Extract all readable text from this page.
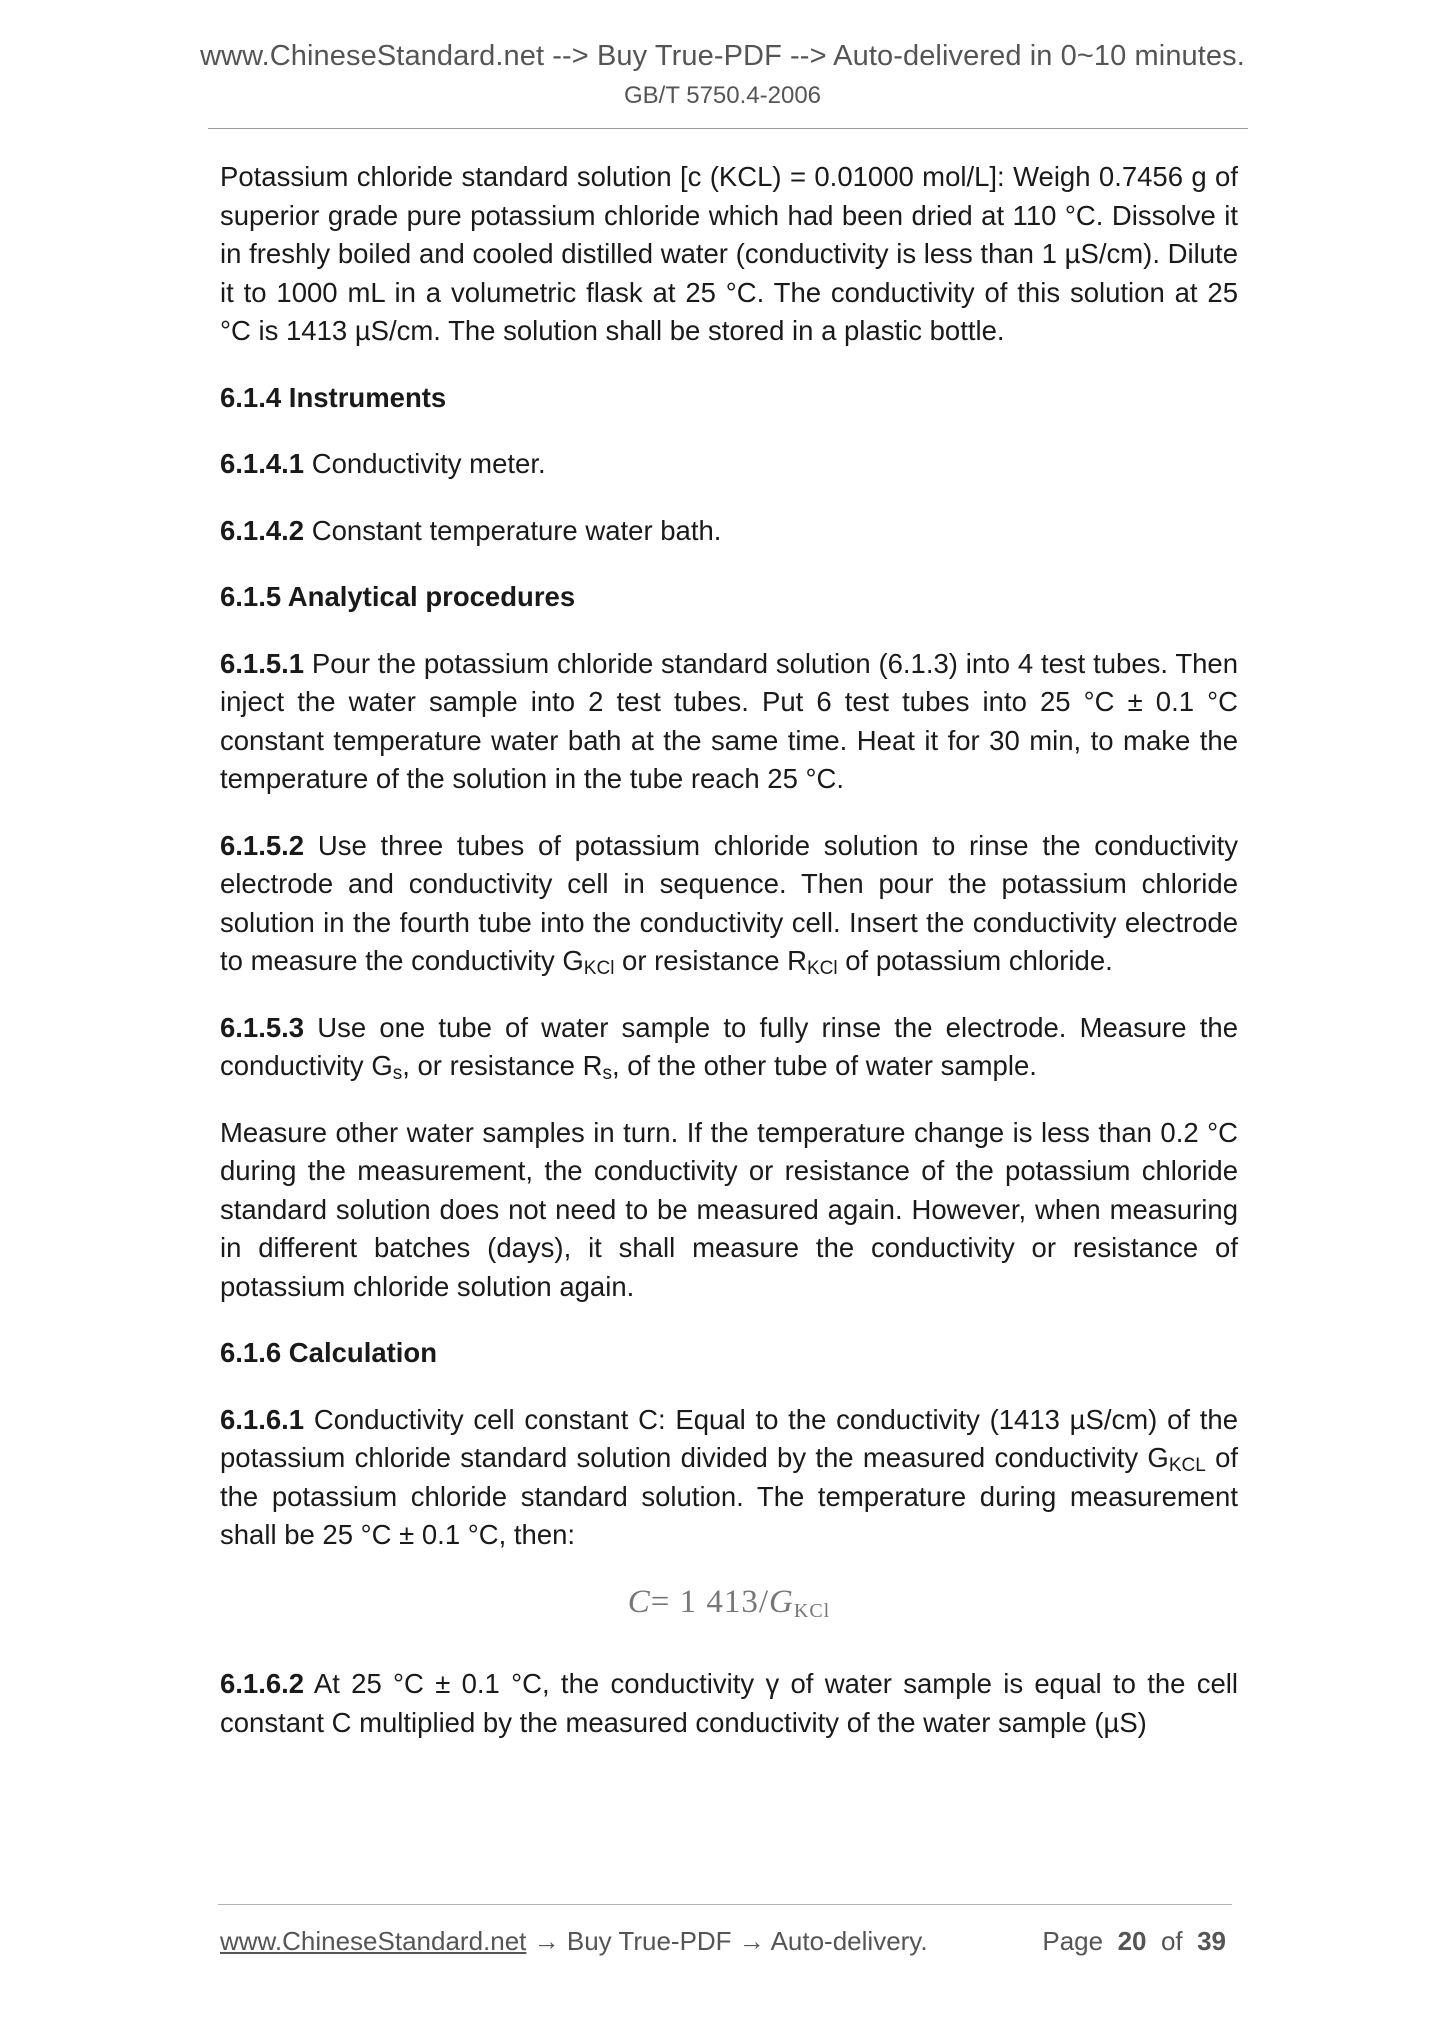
www.ChineseStandard.net --> Buy True-PDF --> Auto-delivered in 0~10 minutes.
GB/T 5750.4-2006

Potassium chloride standard solution [c (KCL) = 0.01000 mol/L]: Weigh 0.7456 g of superior grade pure potassium chloride which had been dried at 110 °C. Dissolve it in freshly boiled and cooled distilled water (conductivity is less than 1 µS/cm). Dilute it to 1000 mL in a volumetric flask at 25 °C. The conductivity of this solution at 25 °C is 1413 µS/cm. The solution shall be stored in a plastic bottle.

6.1.4 Instruments

6.1.4.1 Conductivity meter.

6.1.4.2 Constant temperature water bath.

6.1.5 Analytical procedures

6.1.5.1 Pour the potassium chloride standard solution (6.1.3) into 4 test tubes. Then inject the water sample into 2 test tubes. Put 6 test tubes into 25 °C ± 0.1 °C constant temperature water bath at the same time. Heat it for 30 min, to make the temperature of the solution in the tube reach 25 °C.

6.1.5.2 Use three tubes of potassium chloride solution to rinse the conductivity electrode and conductivity cell in sequence. Then pour the potassium chloride solution in the fourth tube into the conductivity cell. Insert the conductivity electrode to measure the conductivity $G_{KCl}$ or resistance $R_{KCl}$ of potassium chloride.

6.1.5.3 Use one tube of water sample to fully rinse the electrode. Measure the conductivity $G_s$, or resistance $R_s$, of the other tube of water sample.

Measure other water samples in turn. If the temperature change is less than 0.2 °C during the measurement, the conductivity or resistance of the potassium chloride standard solution does not need to be measured again. However, when measuring in different batches (days), it shall measure the conductivity or resistance of potassium chloride solution again.

6.1.6 Calculation

6.1.6.1 Conductivity cell constant C: Equal to the conductivity (1413 µS/cm) of the potassium chloride standard solution divided by the measured conductivity $G_{KCL}$ of the potassium chloride standard solution. The temperature during measurement shall be 25 °C ± 0.1 °C, then:

C= 1 $413/G_{KCl}$

6.1.6.2 At 25 °C ± 0.1 °C, the conductivity γ of water sample is equal to the cell constant C multiplied by the measured conductivity of the water sample (µS)

www.ChineseStandard.net → Buy True-PDF → Auto-delivery.	Page 20 of 39
